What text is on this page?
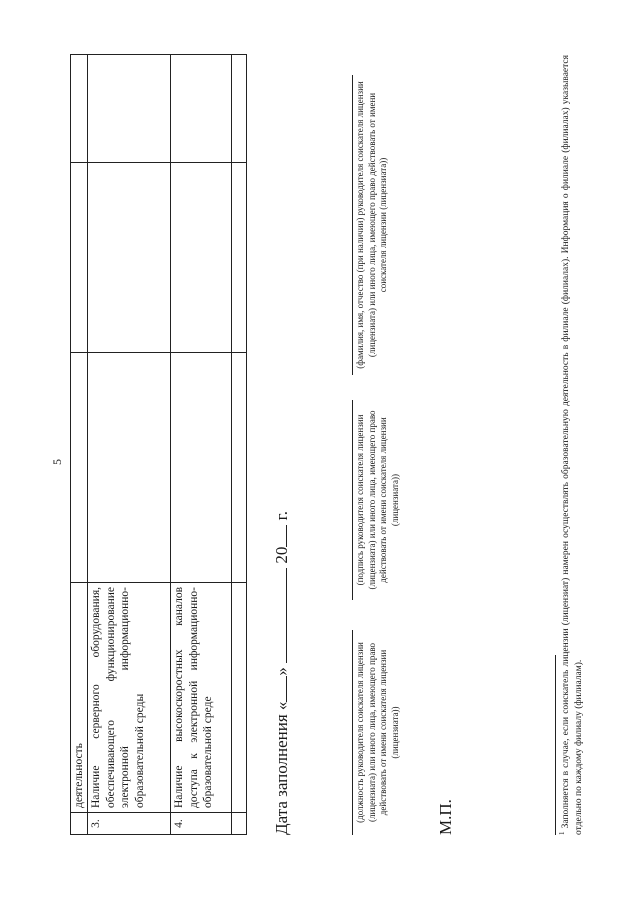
5
	деятельность			
3.	Наличие серверного оборудования, обеспечивающего функционирование электронной информационно-образовательной среды			
4.	Наличие высокоскоростных каналов доступа к электронной информационно-образовательной среде			
					Дата заполнения «»  20 г.
(должность руководителя соискателя лицензии (лицензиата) или иного лица, имеющего право действовать от имени соискателя лицензии (лицензиата))
(подпись руководителя соискателя лицензии (лицензиата) или иного лица, имеющего право действовать от имени соискателя лицензии (лицензиата))
(фамилия, имя, отчество (при наличии) руководителя соискателя лицензии (лицензиата) или иного лица, имеющего право действовать от имени соискателя лицензии (лицензиата))
М.П.	$^1$ Заполняется в случае, если соискатель лицензии (лицензиат) намерен осуществлять образовательную деятельность в филиале (филиалах). Информация о филиале (филиалах) указывается отдельно по каждому филиалу (филиалам).
